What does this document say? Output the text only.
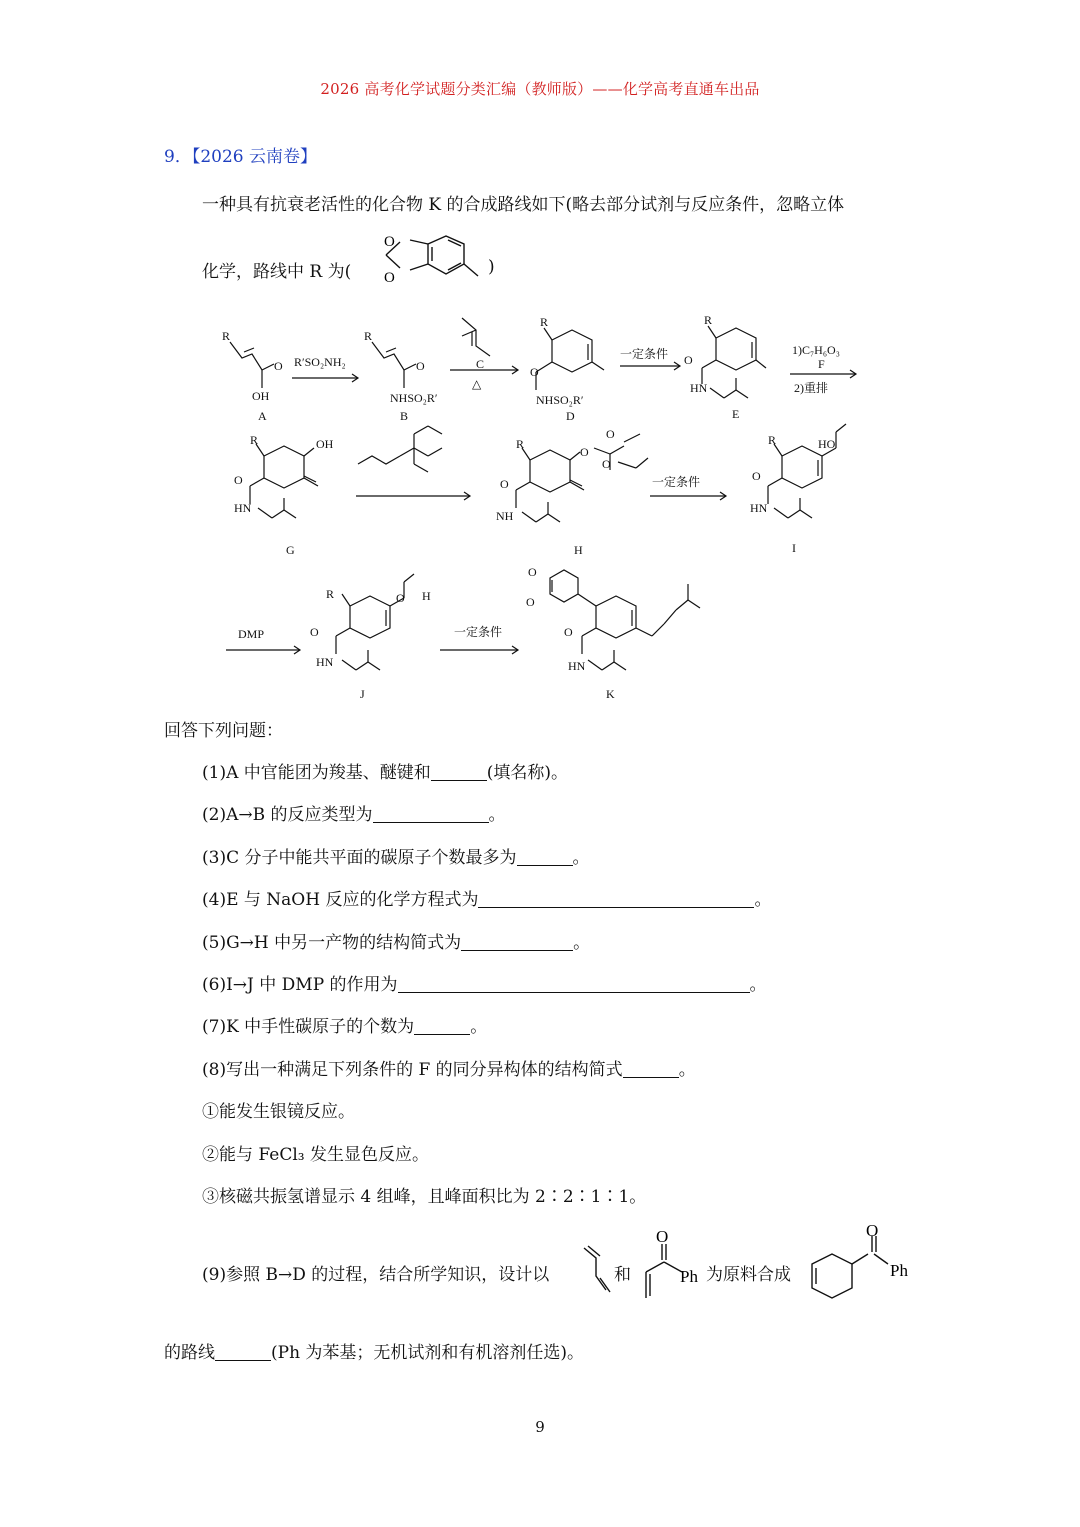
2026 高考化学试题分类汇编（教师版）——化学高考直通车出品
9．【2026 云南卷】
一种具有抗衰老活性的化合物 K 的合成路线如下(略去部分试剂与反应条件，忽略立体
化学，路线中 R 为(
O
O
)
R
O
OH
A
R′SO₂NH₂
R
O
NHSO₂R′
B
C
△
R
O
NHSO₂R′
D
一定条件
R
O
HN
E
1)C₇H₆O₃
F
2)重排
R	OH
O
HN
G
R
O
O
O
O
NH
H
一定条件
R	HO
O
HN
I
DMP
R	O H
O
HN
J
一定条件
O
O
O
HN
K
回答下列问题：
(1)A 中官能团为羧基、醚键和	(填名称)。
(2)A→B 的反应类型为	。
(3)C 分子中能共平面的碳原子个数最多为	。
(4)E 与 NaOH 反应的化学方程式为	。
(5)G→H 中另一产物的结构简式为	。
(6)I→J 中 DMP 的作用为	。
(7)K 中手性碳原子的个数为	。
(8)写出一种满足下列条件的 F 的同分异构体的结构简式	。
①能发生银镜反应。
②能与 FeCl₃ 发生显色反应。
③核磁共振氢谱显示 4 组峰，且峰面积比为 2∶2∶1∶1。
(9)参照 B→D 的过程，结合所学知识，设计以	和
O
Ph 为原料合成
O
Ph
的路线	(Ph 为苯基；无机试剂和有机溶剂任选)。
9
